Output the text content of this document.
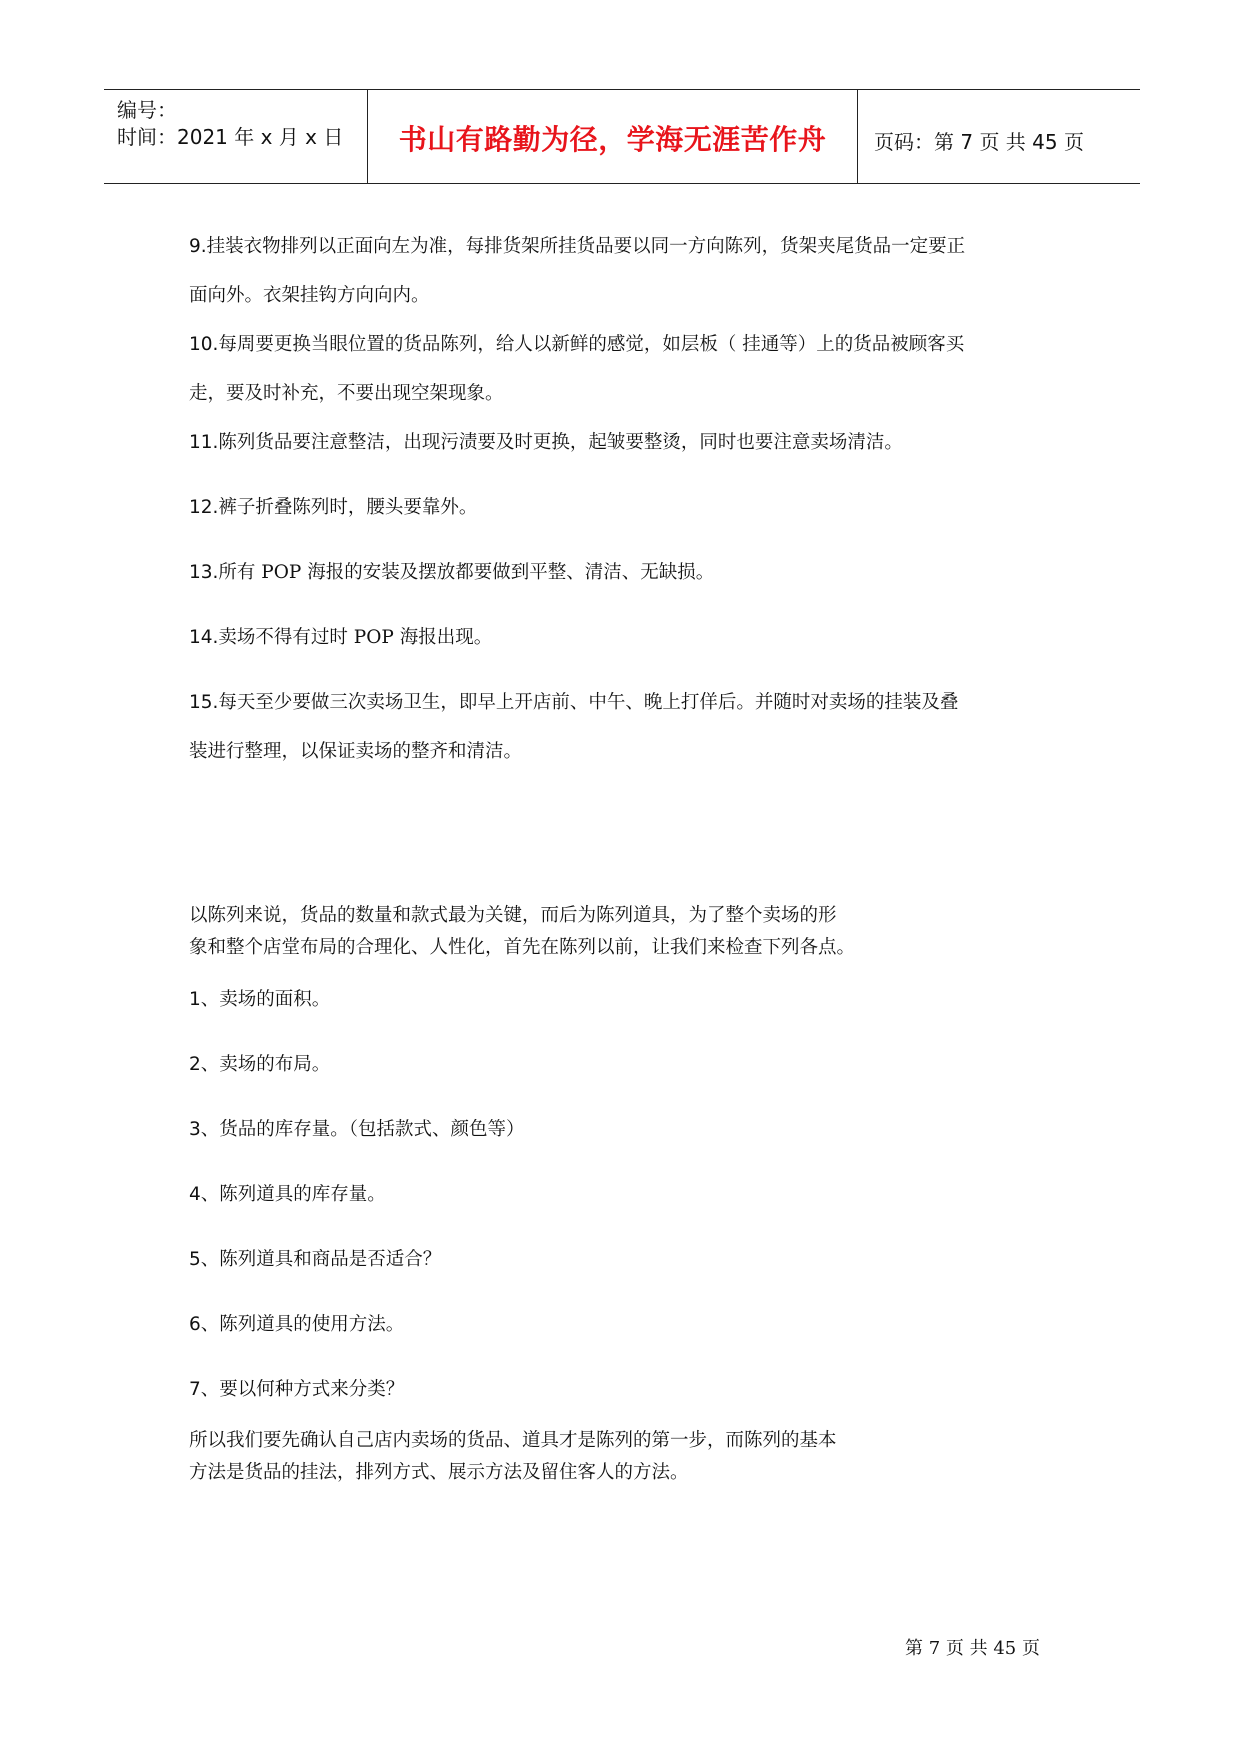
编号：
时间：2021 年 x 月 x 日	书山有路勤为径，学海无涯苦作舟	页码：第 7 页 共 45 页
9.挂装衣物排列以正面向左为准，每排货架所挂货品要以同一方向陈列，货架夹尾货品一定要正
面向外。衣架挂钩方向向内。
10.每周要更换当眼位置的货品陈列，给人以新鲜的感觉，如层板（ 挂通等）上的货品被顾客买
走，要及时补充，不要出现空架现象。
11.陈列货品要注意整洁，出现污渍要及时更换，起皱要整烫，同时也要注意卖场清洁。
12.裤子折叠陈列时，腰头要靠外。
13.所有 POP 海报的安装及摆放都要做到平整、清洁、无缺损。
14.卖场不得有过时 POP 海报出现。
15.每天至少要做三次卖场卫生，即早上开店前、中午、晚上打佯后。并随时对卖场的挂装及叠
装进行整理，以保证卖场的整齐和清洁。
以陈列来说，货品的数量和款式最为关键，而后为陈列道具，为了整个卖场的形
象和整个店堂布局的合理化、人性化，首先在陈列以前，让我们来检查下列各点。
1、卖场的面积。
2、卖场的布局。
3、货品的库存量。（包括款式、颜色等）
4、陈列道具的库存量。
5、陈列道具和商品是否适合？
6、陈列道具的使用方法。
7、要以何种方式来分类？
所以我们要先确认自己店内卖场的货品、道具才是陈列的第一步，而陈列的基本
方法是货品的挂法，排列方式、展示方法及留住客人的方法。
第 7 页 共 45 页
